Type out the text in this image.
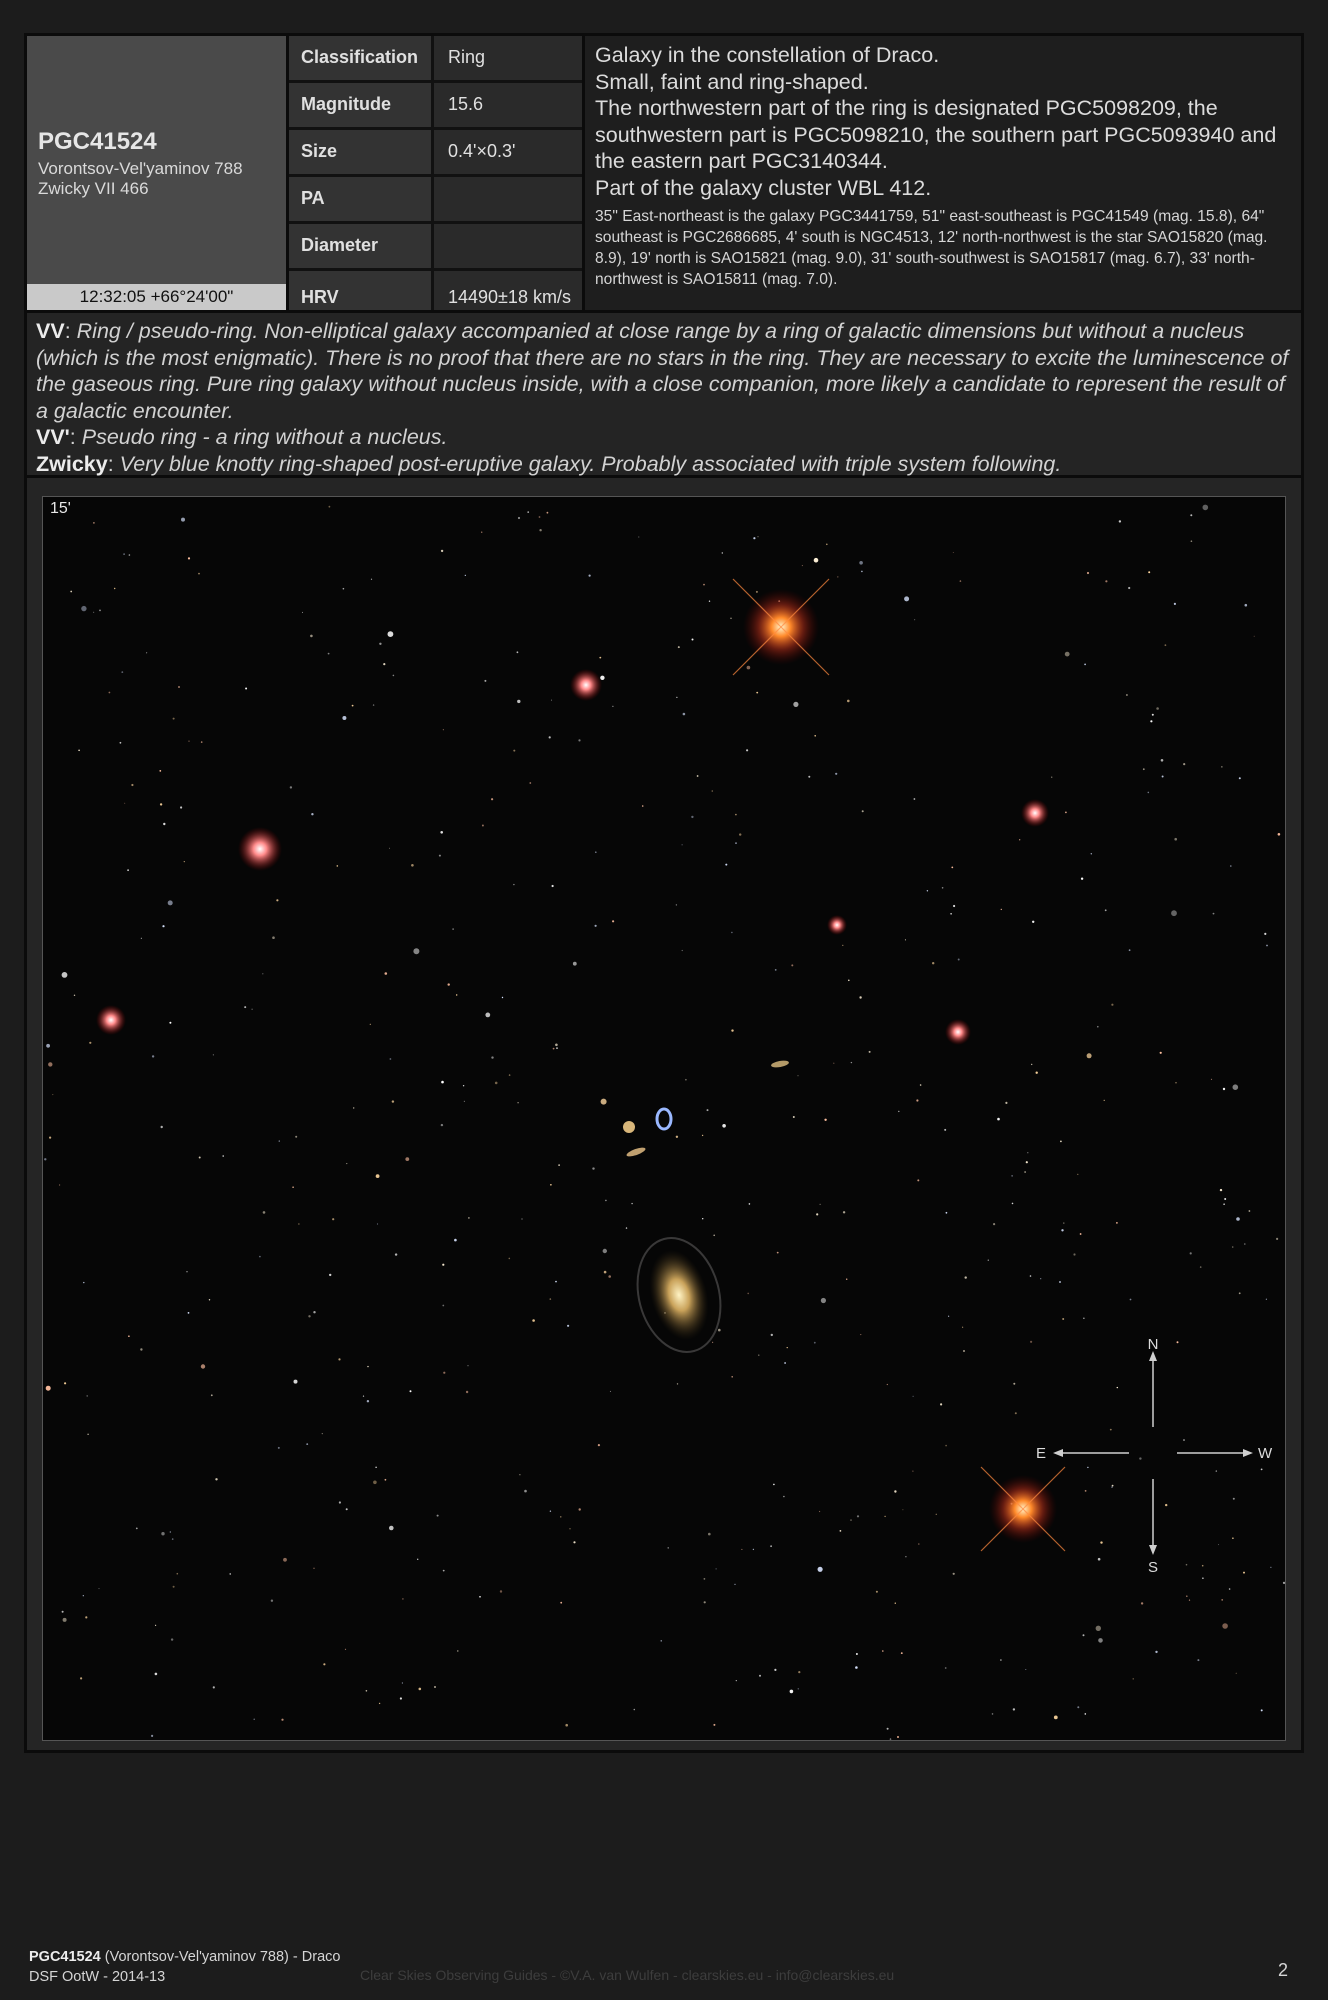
PGC41524
Vorontsov-Vel'yaminov 788
Zwicky VII 466
12:32:05 +66°24'00"
Classification Ring
Magnitude	15.6
Size	0.4'×0.3'
PA
Diameter
HRV	14490±18 km/s
Galaxy in the constellation of Draco.
Small, faint and ring-shaped.
The northwestern part of the ring is designated PGC5098209, the southwestern part is PGC5098210, the southern part PGC5093940 and the eastern part PGC3140344.
Part of the galaxy cluster WBL 412.
35" East-northeast is the galaxy PGC3441759, 51" east-southeast is PGC41549 (mag. 15.8), 64" southeast is PGC2686685, 4' south is NGC4513, 12' north-northwest is the star SAO15820 (mag. 8.9), 19' north is SAO15821 (mag. 9.0), 31' south-southwest is SAO15817 (mag. 6.7), 33' north-northwest is SAO15811 (mag. 7.0).
VV: Ring / pseudo-ring. Non-elliptical galaxy accompanied at close range by a ring of galactic dimensions but without a nucleus (which is the most enigmatic). There is no proof that there are no stars in the ring. They are necessary to excite the luminescence of the gaseous ring. Pure ring galaxy without nucleus inside, with a close companion, more likely a candidate to represent the result of a galactic encounter.
VV': Pseudo ring - a ring without a nucleus.
Zwicky: Very blue knotty ring-shaped post-eruptive galaxy. Probably associated with triple system following.
N
S
E	W
15'
PGC41524 (Vorontsov-Vel'yaminov 788) - Draco
DSF OotW - 2014-13	Clear Skies Observing Guides - ©V.A. van Wulfen - clearskies.eu - info@clearskies.eu	2
